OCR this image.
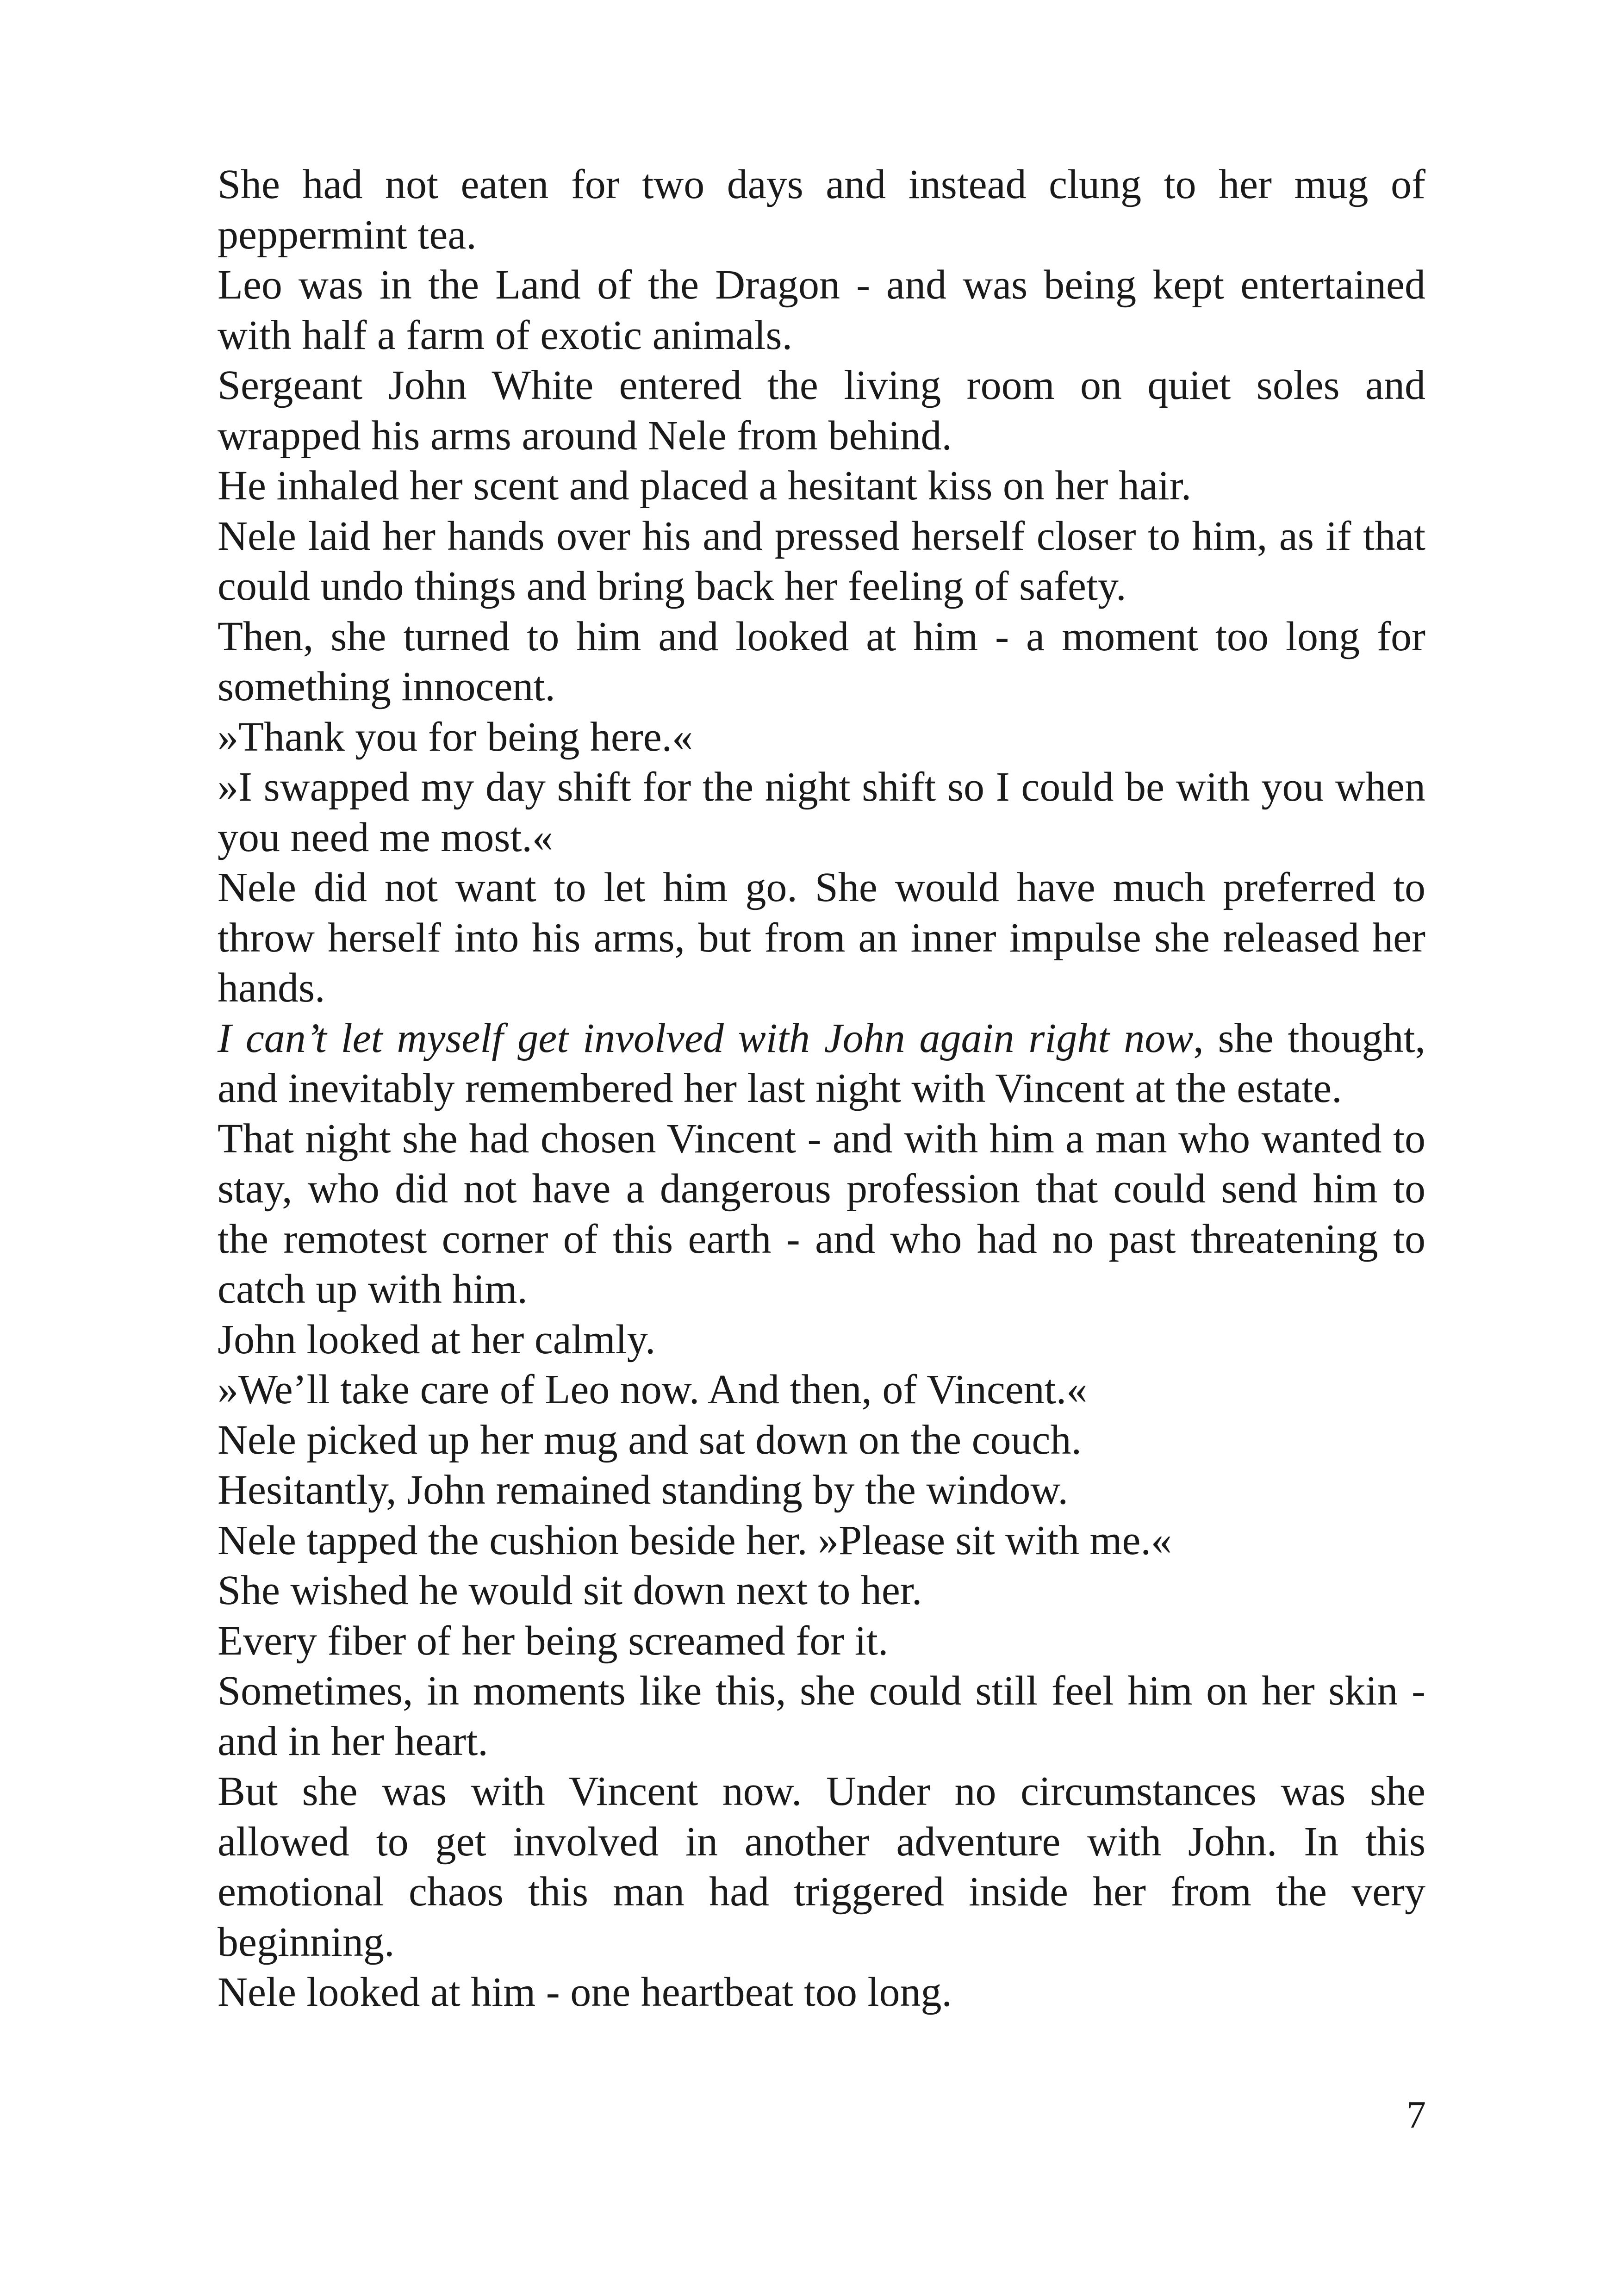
She had not eaten for two days and instead clung to her mug of peppermint tea.

Leo was in the Land of the Dragon - and was being kept entertained with half a farm of exotic animals.

Sergeant John White entered the living room on quiet soles and wrapped his arms around Nele from behind.

He inhaled her scent and placed a hesitant kiss on her hair.

Nele laid her hands over his and pressed herself closer to him, as if that could undo things and bring back her feeling of safety.

Then, she turned to him and looked at him - a moment too long for something innocent.

»Thank you for being here.«

»I swapped my day shift for the night shift so I could be with you when you need me most.«

Nele did not want to let him go. She would have much preferred to throw herself into his arms, but from an inner impulse she released her hands.

I can’t let myself get involved with John again right now, she thought, and inevitably remembered her last night with Vincent at the estate.

That night she had chosen Vincent - and with him a man who wanted to stay, who did not have a dangerous profession that could send him to the remotest corner of this earth - and who had no past threatening to catch up with him.

John looked at her calmly.

»We’ll take care of Leo now. And then, of Vincent.«

Nele picked up her mug and sat down on the couch.

Hesitantly, John remained standing by the window.

Nele tapped the cushion beside her. »Please sit with me.«

She wished he would sit down next to her.

Every fiber of her being screamed for it.

Sometimes, in moments like this, she could still feel him on her skin - and in her heart.

But she was with Vincent now. Under no circumstances was she allowed to get involved in another adventure with John. In this emotional chaos this man had triggered inside her from the very beginning.

Nele looked at him - one heartbeat too long.

7
